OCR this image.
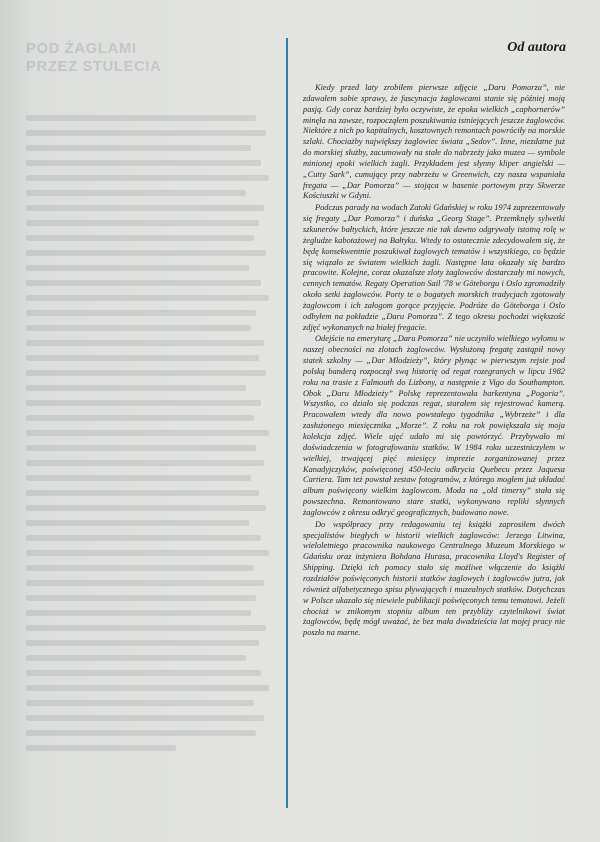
POD ŻAGLAMI
PRZEZ STULECIA
Od autora

Kiedy przed laty zrobiłem pierwsze zdjęcie „Daru Pomorza”, nie zdawałem sobie sprawy, że fascynacja żaglowcami stanie się później moją pasją. Gdy coraz bardziej było oczywiste, że epoka wielkich „caphornerów” minęła na zawsze, rozpocząłem poszukiwania istniejących jeszcze żaglowców. Niektóre z nich po kapitalnych, kosztownych remontach powróciły na morskie szlaki. Chociażby największy żaglowiec świata „Sedov”. Inne, niezdatne już do morskiej służby, zacumowały na stałe do nabrzeży jako muzea — symbole minionej epoki wielkich żagli. Przykładem jest słynny kliper angielski — „Cutty Sark”, cumujący przy nabrzeżu w Greenwich, czy nasza wspaniała fregata — „Dar Pomorza” — stojąca w basenie portowym przy Skwerze Kościuszki w Gdyni.

Podczas parady na wodach Zatoki Gdańskiej w roku 1974 zaprezentowały się fregaty „Dar Pomorza” i duńska „Georg Stage”. Przemknęły sylwetki szkunerów bałtyckich, które jeszcze nie tak dawno odgrywały istotną rolę w żegludze kabotażowej na Bałtyku. Wtedy to ostatecznie zdecydowałem się, że będę konsekwentnie poszukiwał żaglowych tematów i wszystkiego, co będzie się wiązało ze światem wielkich żagli. Następne lata okazały się bardzo pracowite. Kolejne, coraz okazalsze zloty żaglowców dostarczały mi nowych, cennych tematów. Regaty Operation Sail '78 w Göteborgu i Oslo zgromadziły około setki żaglowców. Porty te o bogatych morskich tradycjach zgotowały żaglowcom i ich załogom gorące przyjęcie. Podróże do Göteborga i Oslo odbyłem na pokładzie „Daru Pomorza”. Z tego okresu pochodzi większość zdjęć wykonanych na białej fregacie.

Odejście na emeryturę „Daru Pomorza” nie uczyniło wielkiego wyłomu w naszej obecności na zlotach żaglowców. Wysłużoną fregatę zastąpił nowy statek szkolny — „Dar Młodzieży”, który płynąc w pierwszym rejsie pod polską banderą rozpoczął swą historię od regat rozegranych w lipcu 1982 roku na trasie z Falmouth do Lizbony, a następnie z Vigo do Southampton. Obok „Daru Młodzieży” Polskę reprezentowała barkentyna „Pogoria”. Wszystko, co działo się podczas regat, starałem się rejestrować kamerą. Pracowałem wtedy dla nowo powstałego tygodnika „Wybrzeże” i dla zasłużonego miesięcznika „Morze”. Z roku na rok powiększała się moja kolekcja zdjęć. Wiele ujęć udało mi się powtórzyć. Przybywało mi doświadczenia w fotografowaniu statków. W 1984 roku uczestniczyłem w wielkiej, trwającej pięć miesięcy imprezie zorganizowanej przez Kanadyjczyków, poświęconej 450-leciu odkrycia Quebecu przez Jaquesa Cartiera. Tam też powstał zestaw fotogramów, z którego mogłem już układać album poświęcony wielkim żaglowcom. Moda na „old timersy” stała się powszechna. Remontowano stare statki, wykonywano repliki słynnych żaglowców z okresu odkryć geograficznych, budowano nowe.

Do współpracy przy redagowaniu tej książki zaprosiłem dwóch specjalistów biegłych w historii wielkich żaglowców: Jerzego Litwina, wieloletniego pracownika naukowego Centralnego Muzeum Morskiego w Gdańsku oraz inżyniera Bohdana Hurasa, pracownika Lloyd's Register of Shipping. Dzięki ich pomocy stało się możliwe włączenie do książki rozdziałów poświęconych historii statków żaglowych i żaglowców jutra, jak również alfabetycznego spisu pływających i muzealnych statków. Dotychczas w Polsce ukazało się niewiele publikacji poświęconych temu tematowi. Jeżeli chociaż w znikomym stopniu album ten przybliży czytelnikowi świat żaglowców, będę mógł uważać, że bez mała dwadzieścia lat mojej pracy nie poszło na marne.
